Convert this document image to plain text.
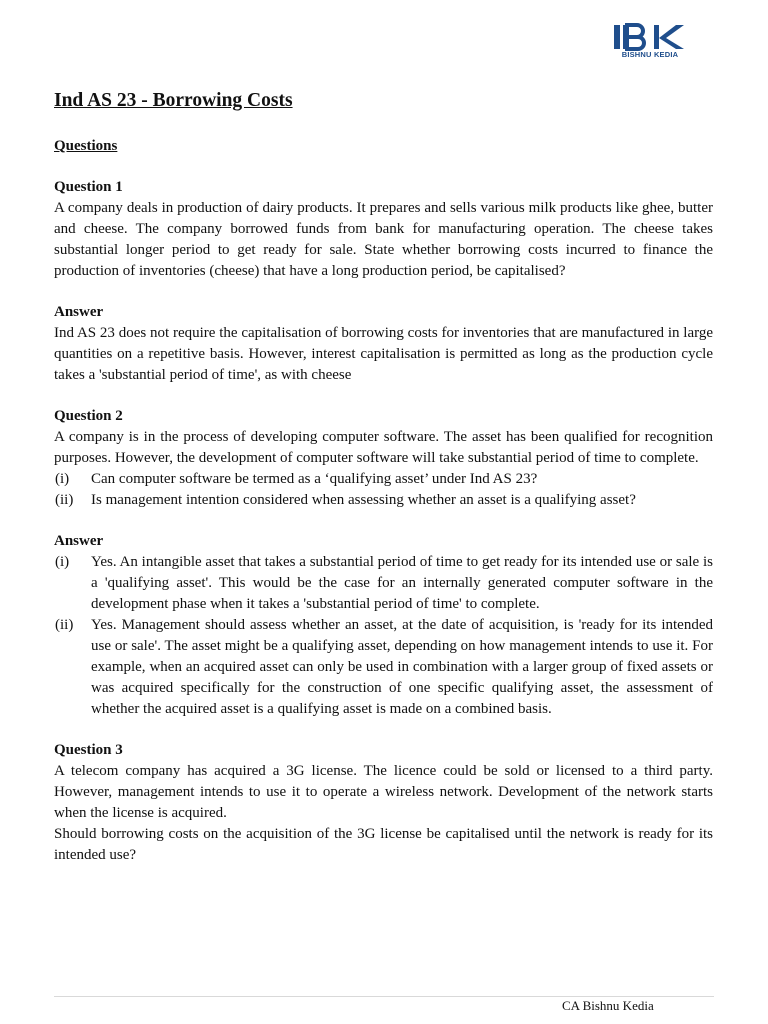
BISHNU KEDIA
Ind AS 23 - Borrowing Costs
Questions
Question 1

A company deals in production of dairy products. It prepares and sells various milk products like ghee, butter and cheese. The company borrowed funds from bank for manufacturing operation. The cheese takes substantial longer period to get ready for sale. State whether borrowing costs incurred to finance the production of inventories (cheese) that have a long production period, be capitalised?

Answer

Ind AS 23 does not require the capitalisation of borrowing costs for inventories that are manufactured in large quantities on a repetitive basis. However, interest capitalisation is permitted as long as the production cycle takes a 'substantial period of time', as with cheese

Question 2

A company is in the process of developing computer software. The asset has been qualified for recognition purposes. However, the development of computer software will take substantial period of time to complete.

(i) Can computer software be termed as a ‘qualifying asset’ under Ind AS 23?
(ii) Is management intention considered when assessing whether an asset is a qualifying asset?
Answer
(i) Yes. An intangible asset that takes a substantial period of time to get ready for its intended use or sale is a 'qualifying asset'. This would be the case for an internally generated computer software in the development phase when it takes a 'substantial period of time' to complete.
(ii) Yes. Management should assess whether an asset, at the date of acquisition, is 'ready for its intended use or sale'. The asset might be a qualifying asset, depending on how management intends to use it. For example, when an acquired asset can only be used in combination with a larger group of fixed assets or was acquired specifically for the construction of one specific qualifying asset, the assessment of whether the acquired asset is a qualifying asset is made on a combined basis.
Question 3

A telecom company has acquired a 3G license. The licence could be sold or licensed to a third party. However, management intends to use it to operate a wireless network. Development of the network starts when the license is acquired.

Should borrowing costs on the acquisition of the 3G license be capitalised until the network is ready for its intended use?

CA Bishnu Kedia
